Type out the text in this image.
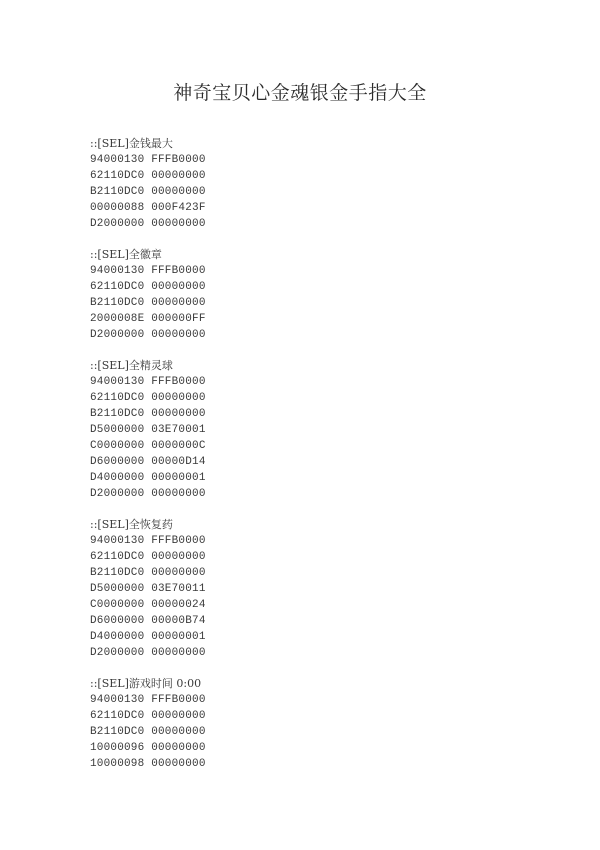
神奇宝贝心金魂银金手指大全
::[SEL]金钱最大
94000130 FFFB0000
62110DC0 00000000
B2110DC0 00000000
00000088 000F423F
D2000000 00000000
::[SEL]全徽章
94000130 FFFB0000
62110DC0 00000000
B2110DC0 00000000
2000008E 000000FF
D2000000 00000000
::[SEL]全精灵球
94000130 FFFB0000
62110DC0 00000000
B2110DC0 00000000
D5000000 03E70001
C0000000 0000000C
D6000000 00000D14
D4000000 00000001
D2000000 00000000
::[SEL]全恢复药
94000130 FFFB0000
62110DC0 00000000
B2110DC0 00000000
D5000000 03E70011
C0000000 00000024
D6000000 00000B74
D4000000 00000001
D2000000 00000000
::[SEL]游戏时间 0:00
94000130 FFFB0000
62110DC0 00000000
B2110DC0 00000000
10000096 00000000
10000098 00000000
